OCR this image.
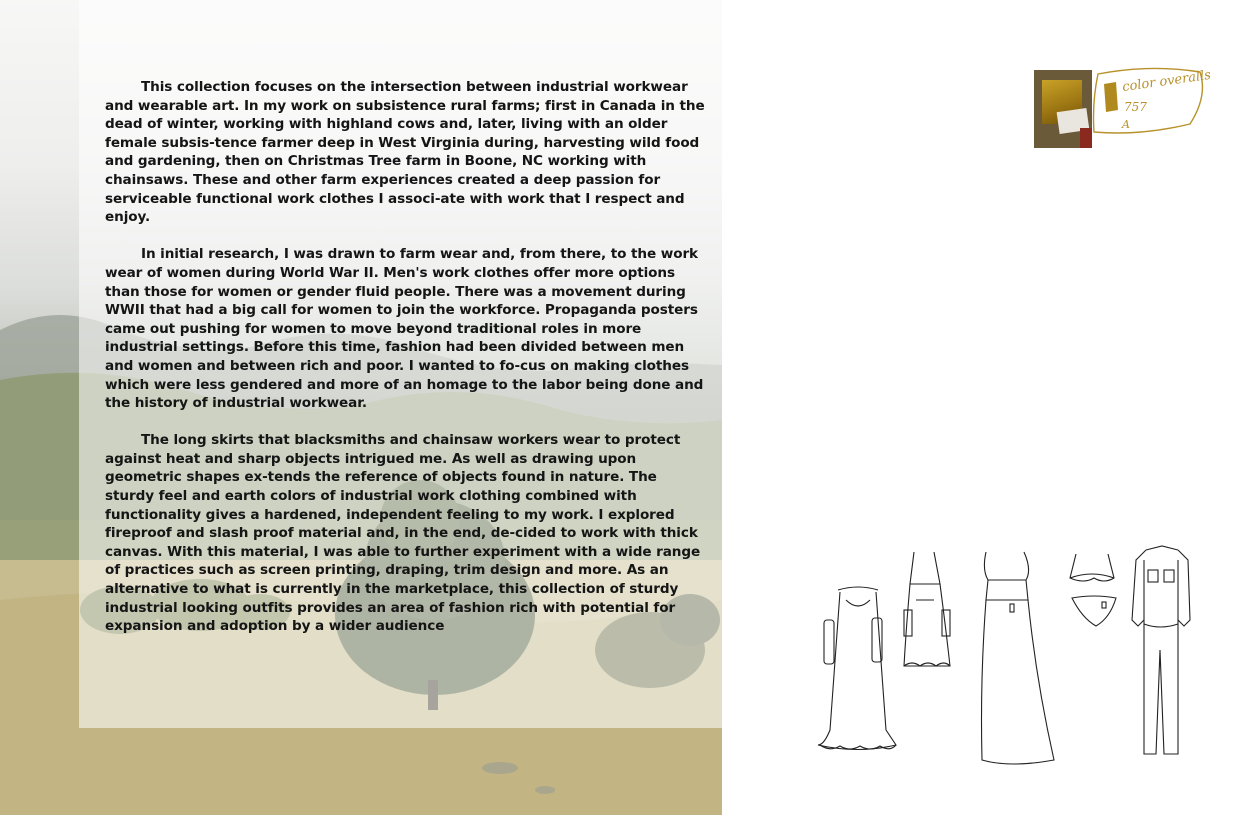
This collection focuses on the intersection between industrial workwear and wearable art. In my work on subsistence rural farms; first in Canada in the dead of winter, working with highland cows and, later, living with an older female subsis-tence farmer deep in West Virginia during, harvesting wild food and gardening, then on Christmas Tree farm in Boone, NC working with chainsaws. These and other farm experiences created a deep passion for serviceable functional work clothes I associ-ate with work that I respect and enjoy.

In initial research, I was drawn to farm wear and, from there, to the work wear of women during World War II. Men's work clothes offer more options than those for women or gender fluid people. There was a movement during WWII that had a big call for women to join the workforce. Propaganda posters came out pushing for women to move beyond traditional roles in more industrial settings. Before this time, fashion had been divided between men and women and between rich and poor. I wanted to fo-cus on making clothes which were less gendered and more of an homage to the labor being done and the history of industrial workwear.

The long skirts that blacksmiths and chainsaw workers wear to protect against heat and sharp objects intrigued me. As well as drawing upon geometric shapes ex-tends the reference of objects found in nature. The sturdy feel and earth colors of industrial work clothing combined with functionality gives a hardened, independent feeling to my work. I explored fireproof and slash proof material and, in the end, de-cided to work with thick canvas. With this material, I was able to further experiment with a wide range of practices such as screen printing, draping, trim design and more. As an alternative to what is currently in the marketplace, this collection of sturdy industrial looking outfits provides an area of fashion rich with potential for expansion and adoption by a wider audience

color overalls
757
A
